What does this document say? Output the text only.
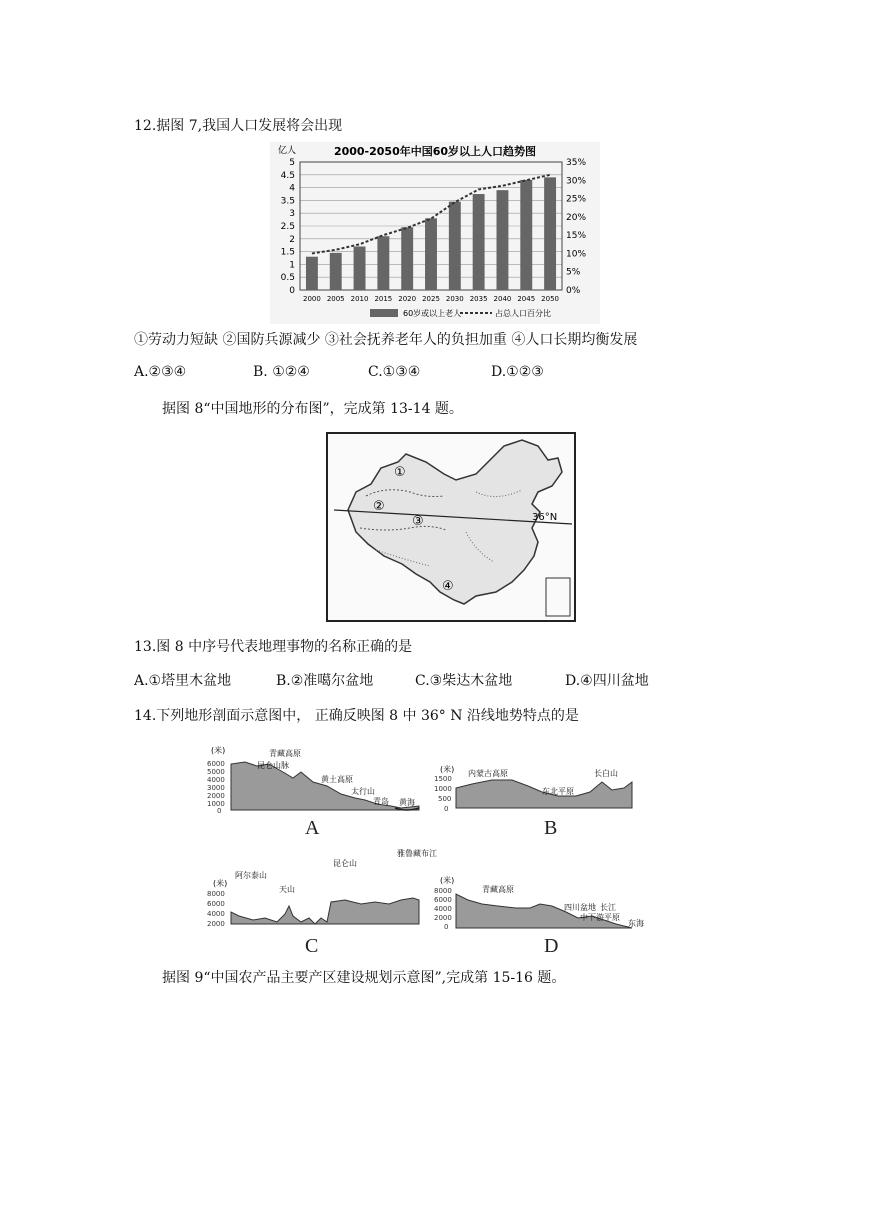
12.据图 7,我国人口发展将会出现
亿人	2000-2050年中国60岁以上人口趋势图
0
0.5
1
1.5
2
2.5
3
3.5
4
4.5
5
0%
5%
10%
15%
20%
25%
30%
35%
2000 2005 2010 2015 2020 2025 2030 2035 2040 2045 2050
60岁或以上老人	占总人口百分比
①劳动力短缺 ②国防兵源减少 ③社会抚养老年人的负担加重 ④人口长期均衡发展
A.②③④	B. ①②④	C.①③④	D.①②③
据图 8“中国地形的分布图”，完成第 13-14 题。
36°N
①
②
③
④
13.图 8 中序号代表地理事物的名称正确的是
A.①塔里木盆地	B.②准噶尔盆地	C.③柴达木盆地	D.④四川盆地
14.下列地形剖面示意图中， 正确反映图 8 中 36° N 沿线地势特点的是
(米)
6000
5000
4000
3000
2000
1000
0
青藏高原
昆仑山脉
黄土高原
太行山
青岛 黄海
A
(米)
1500
1000
500
0
内蒙古高原
东北平原
长白山
B
(米)
8000
6000
4000
2000
阿尔泰山
天山
昆仑山
雅鲁藏布江
C
(米)
8000
6000
4000
2000
0
青藏高原
四川盆地 长江
中下游平原
东海
D
据图 9“中国农产品主要产区建设规划示意图”,完成第 15-16 题。
